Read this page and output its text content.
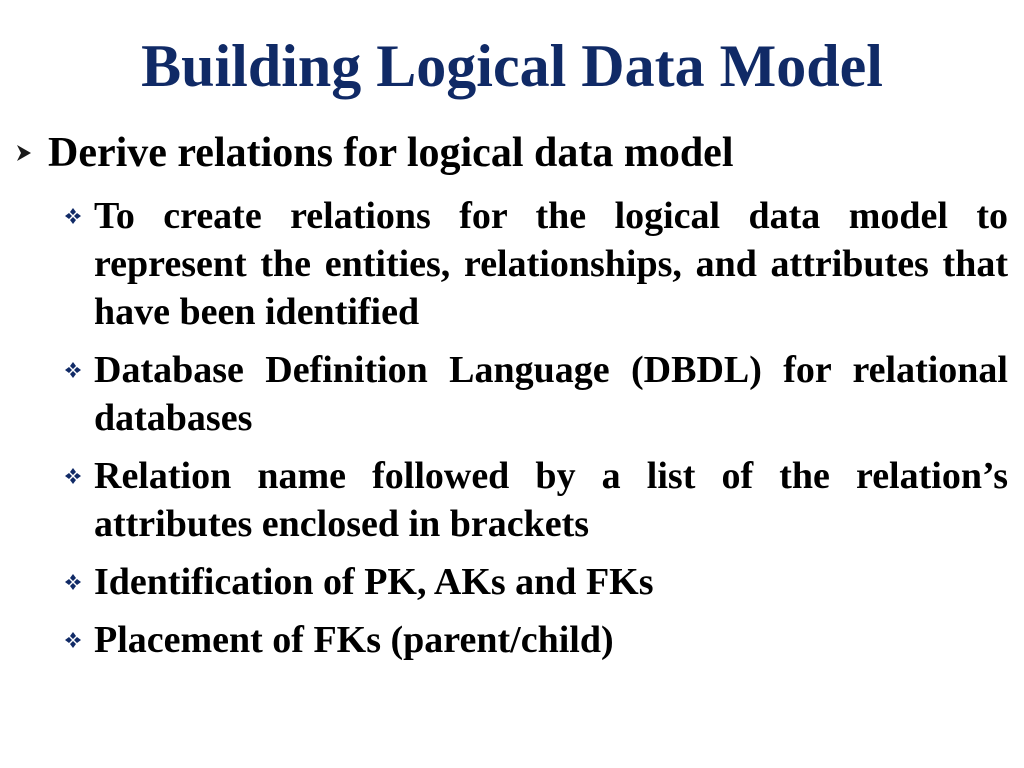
Building Logical Data Model
Derive relations for logical data model
To create relations for the logical data model to represent the entities, relationships, and attributes that have been identified
Database Definition Language (DBDL) for relational databases
Relation name followed by a list of the relation’s attributes enclosed in brackets
Identification of PK, AKs and FKs
Placement of FKs (parent/child)
